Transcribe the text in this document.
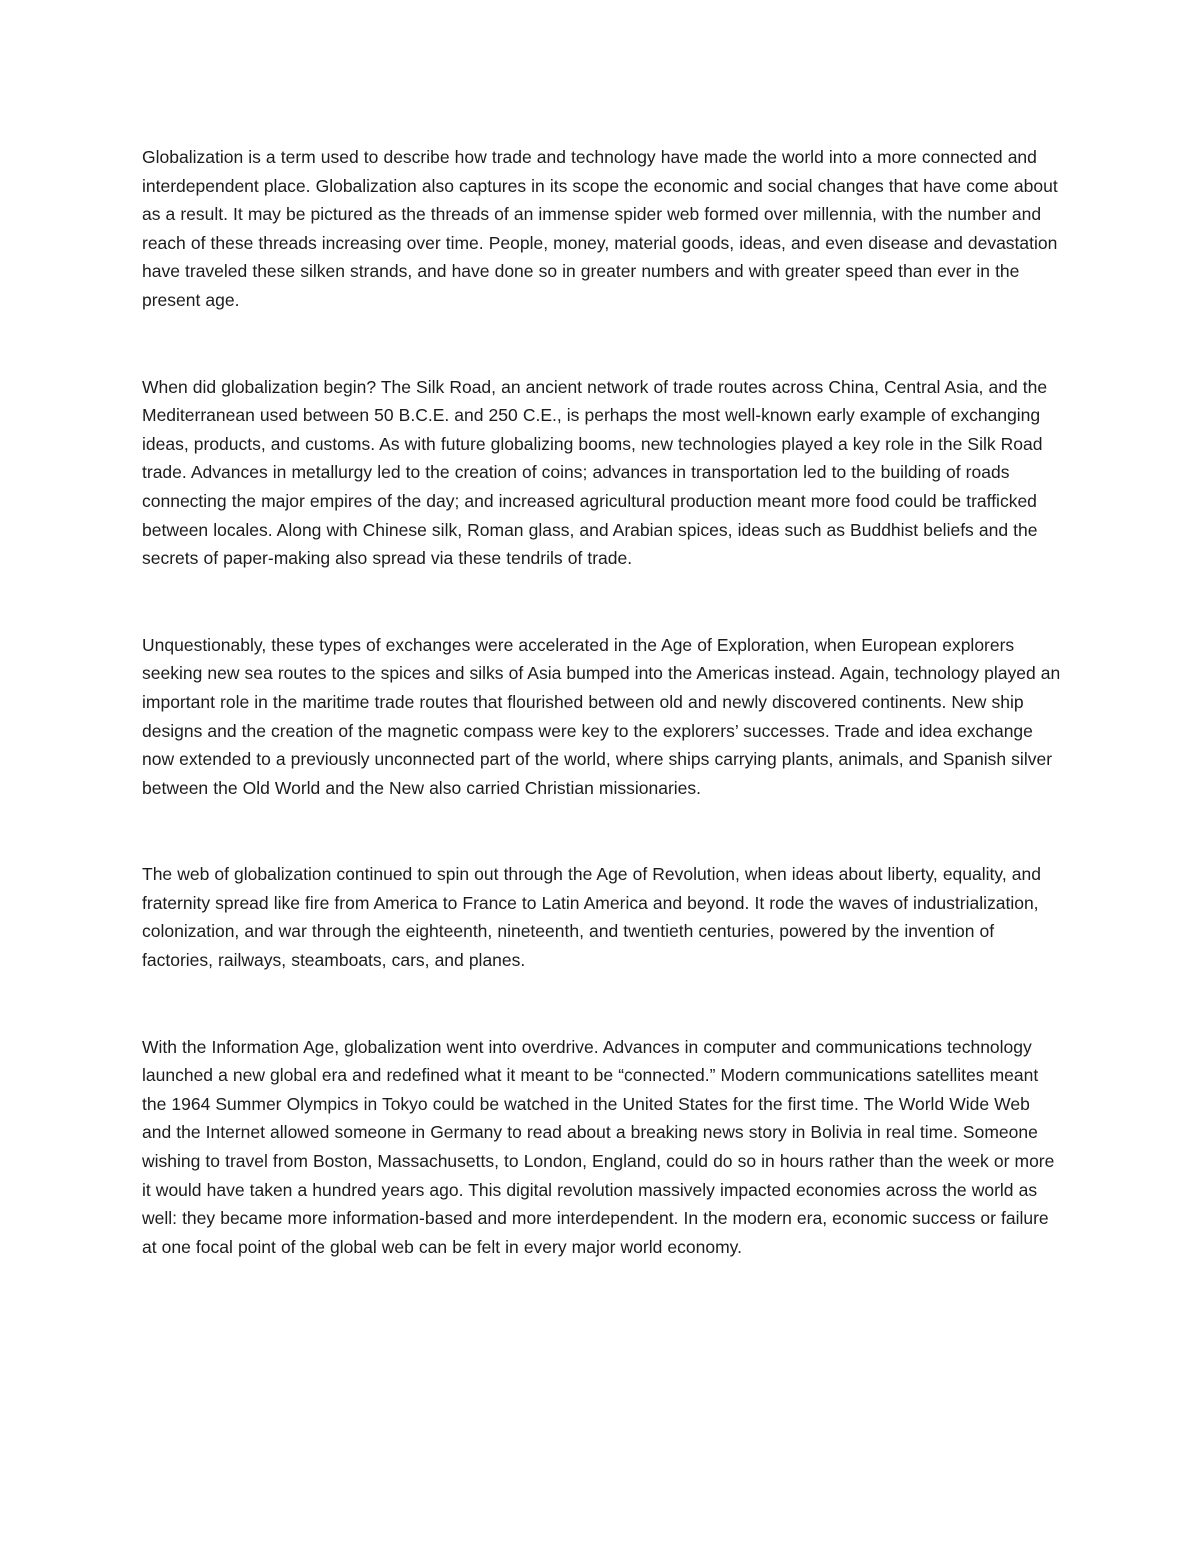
Globalization is a term used to describe how trade and technology have made the world into a more connected and interdependent place. Globalization also captures in its scope the economic and social changes that have come about as a result. It may be pictured as the threads of an immense spider web formed over millennia, with the number and reach of these threads increasing over time. People, money, material goods, ideas, and even disease and devastation have traveled these silken strands, and have done so in greater numbers and with greater speed than ever in the present age.

When did globalization begin? The Silk Road, an ancient network of trade routes across China, Central Asia, and the Mediterranean used between 50 B.C.E. and 250 C.E., is perhaps the most well-known early example of exchanging ideas, products, and customs. As with future globalizing booms, new technologies played a key role in the Silk Road trade. Advances in metallurgy led to the creation of coins; advances in transportation led to the building of roads connecting the major empires of the day; and increased agricultural production meant more food could be trafficked between locales. Along with Chinese silk, Roman glass, and Arabian spices, ideas such as Buddhist beliefs and the secrets of paper-making also spread via these tendrils of trade.

Unquestionably, these types of exchanges were accelerated in the Age of Exploration, when European explorers seeking new sea routes to the spices and silks of Asia bumped into the Americas instead. Again, technology played an important role in the maritime trade routes that flourished between old and newly discovered continents. New ship designs and the creation of the magnetic compass were key to the explorers’ successes. Trade and idea exchange now extended to a previously unconnected part of the world, where ships carrying plants, animals, and Spanish silver between the Old World and the New also carried Christian missionaries.

The web of globalization continued to spin out through the Age of Revolution, when ideas about liberty, equality, and fraternity spread like fire from America to France to Latin America and beyond. It rode the waves of industrialization, colonization, and war through the eighteenth, nineteenth, and twentieth centuries, powered by the invention of factories, railways, steamboats, cars, and planes.

With the Information Age, globalization went into overdrive. Advances in computer and communications technology launched a new global era and redefined what it meant to be “connected.” Modern communications satellites meant the 1964 Summer Olympics in Tokyo could be watched in the United States for the first time. The World Wide Web and the Internet allowed someone in Germany to read about a breaking news story in Bolivia in real time. Someone wishing to travel from Boston, Massachusetts, to London, England, could do so in hours rather than the week or more it would have taken a hundred years ago. This digital revolution massively impacted economies across the world as well: they became more information-based and more interdependent. In the modern era, economic success or failure at one focal point of the global web can be felt in every major world economy.
